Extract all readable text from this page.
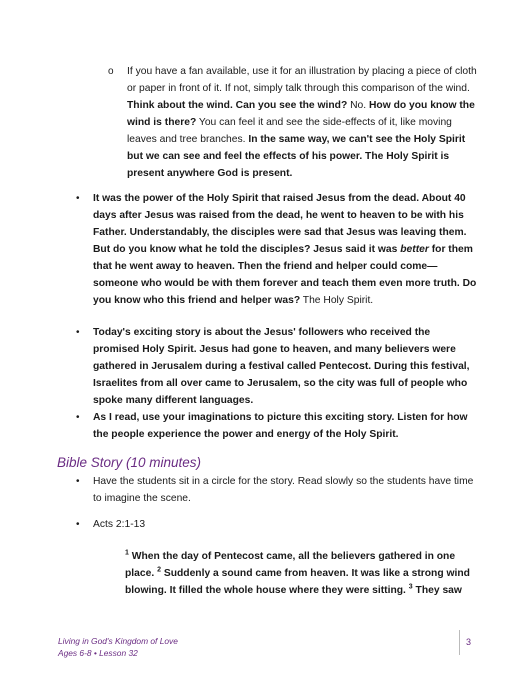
o If you have a fan available, use it for an illustration by placing a piece of cloth or paper in front of it. If not, simply talk through this comparison of the wind. Think about the wind. Can you see the wind? No. How do you know the wind is there? You can feel it and see the side-effects of it, like moving leaves and tree branches. In the same way, we can't see the Holy Spirit but we can see and feel the effects of his power. The Holy Spirit is present anywhere God is present.

• It was the power of the Holy Spirit that raised Jesus from the dead. About 40 days after Jesus was raised from the dead, he went to heaven to be with his Father. Understandably, the disciples were sad that Jesus was leaving them. But do you know what he told the disciples? Jesus said it was better for them that he went away to heaven. Then the friend and helper could come—someone who would be with them forever and teach them even more truth. Do you know who this friend and helper was? The Holy Spirit.

• Today's exciting story is about the Jesus' followers who received the promised Holy Spirit. Jesus had gone to heaven, and many believers were gathered in Jerusalem during a festival called Pentecost. During this festival, Israelites from all over came to Jerusalem, so the city was full of people who spoke many different languages.

• As I read, use your imaginations to picture this exciting story. Listen for how the people experience the power and energy of the Holy Spirit.

Bible Story (10 minutes)
• Have the students sit in a circle for the story. Read slowly so the students have time to imagine the scene.

• Acts 2:1-13

$^1$ When the day of Pentecost came, all the believers gathered in one place. $^2$ Suddenly a sound came from heaven. It was like a strong wind blowing. It filled the whole house where they were sitting. $^3$ They saw

Living in God's Kingdom of Love
Ages 6-8 • Lesson 32
3
